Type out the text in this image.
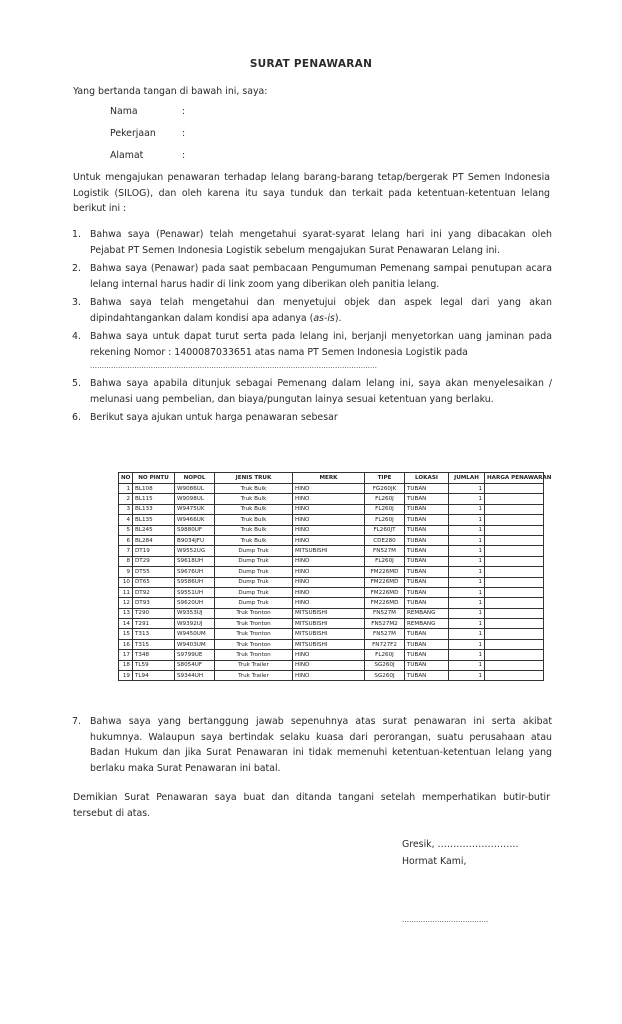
SURAT PENAWARAN
Yang bertanda tangan di bawah ini, saya:
Nama	:
Pekerjaan	:
Alamat	:
Untuk mengajukan penawaran terhadap lelang barang-barang tetap/bergerak PT Semen Indonesia Logistik (SILOG), dan oleh karena itu saya tunduk dan terkait pada ketentuan-ketentuan lelang berikut ini :
1. Bahwa saya (Penawar) telah mengetahui syarat-syarat lelang hari ini yang dibacakan oleh Pejabat PT Semen Indonesia Logistik sebelum mengajukan Surat Penawaran Lelang ini.
2. Bahwa saya (Penawar) pada saat pembacaan Pengumuman Pemenang sampai penutupan acara lelang internal harus hadir di link zoom yang diberikan oleh panitia lelang.
3. Bahwa saya telah mengetahui dan menyetujui objek dan aspek legal dari yang akan dipindahtangankan dalam kondisi apa adanya (as-is).
4. Bahwa saya untuk dapat turut serta pada lelang ini, berjanji menyetorkan uang jaminan pada rekening Nomor : 1400087033651 atas nama PT Semen Indonesia Logistik pada
……………………………………………………………………………………………………………
5. Bahwa saya apabila ditunjuk sebagai Pemenang dalam lelang ini, saya akan menyelesaikan / melunasi uang pembelian, dan biaya/pungutan lainya sesuai ketentuan yang berlaku.
6. Berikut saya ajukan untuk harga penawaran sebesar
NO	NO PINTU	NOPOL	JENIS TRUK	MERK	TIPE	LOKASI	JUMLAH	HARGA PENAWARAN
1	BL108	W9086UL	Truk Bulk	HINO	FG260JK	TUBAN	1	
2	BL115	W9098UL	Truk Bulk	HINO	FL260J	TUBAN	1	
3	BL133	W9475UK	Truk Bulk	HINO	FL260J	TUBAN	1	
4	BL135	W9466UK	Truk Bulk	HINO	FL260J	TUBAN	1	
5	BL245	S9880UF	Truk Bulk	HINO	FL260JT	TUBAN	1	
6	BL284	B9034JFU	Truk Bulk	HINO	CDE280	TUBAN	1	
7	DT19	W9552UG	Dump Truk	MITSUBISHI	FN527M	TUBAN	1	
8	DT29	S9618UH	Dump Truk	HINO	FL260J	TUBAN	1	
9	DT55	S9676UH	Dump Truk	HINO	FM226MD	TUBAN	1	
10	DT65	S9586UH	Dump Truk	HINO	FM226MD	TUBAN	1	
11	DT92	S9551UH	Dump Truk	HINO	FM226MD	TUBAN	1	
12	DT93	S9620UH	Dump Truk	HINO	FM226MD	TUBAN	1	
13	T290	W9353UJ	Truk Tronton	MITSUBISHI	FN527M	REMBANG	1	
14	T291	W9392UJ	Truk Tronton	MITSUBISHI	FN527M2	REMBANG	1	
15	T313	W9450UM	Truk Tronton	MITSUBISHI	FN527M	TUBAN	1	
16	T315	W9403UM	Truk Tronton	MITSUBISHI	FN727F2	TUBAN	1	
17	T348	S9799UE	Truk Tronton	HINO	FL260J	TUBAN	1	
18	TL59	S8054UF	Truk Trailer	HINO	SG260J	TUBAN	1	
19	TL94	S9344UH	Truk Trailer	HINO	SG260J	TUBAN	1	
7. Bahwa saya yang bertanggung jawab sepenuhnya atas surat penawaran ini serta akibat hukumnya. Walaupun saya bertindak selaku kuasa dari perorangan, suatu perusahaan atau Badan Hukum dan jika Surat Penawaran ini tidak memenuhi ketentuan-ketentuan lelang yang berlaku maka Surat Penawaran ini batal.
Demikian Surat Penawaran saya buat dan ditanda tangani setelah memperhatikan butir-butir tersebut di atas.
Gresik, ……………………..
Hormat Kami,
……………………………….
